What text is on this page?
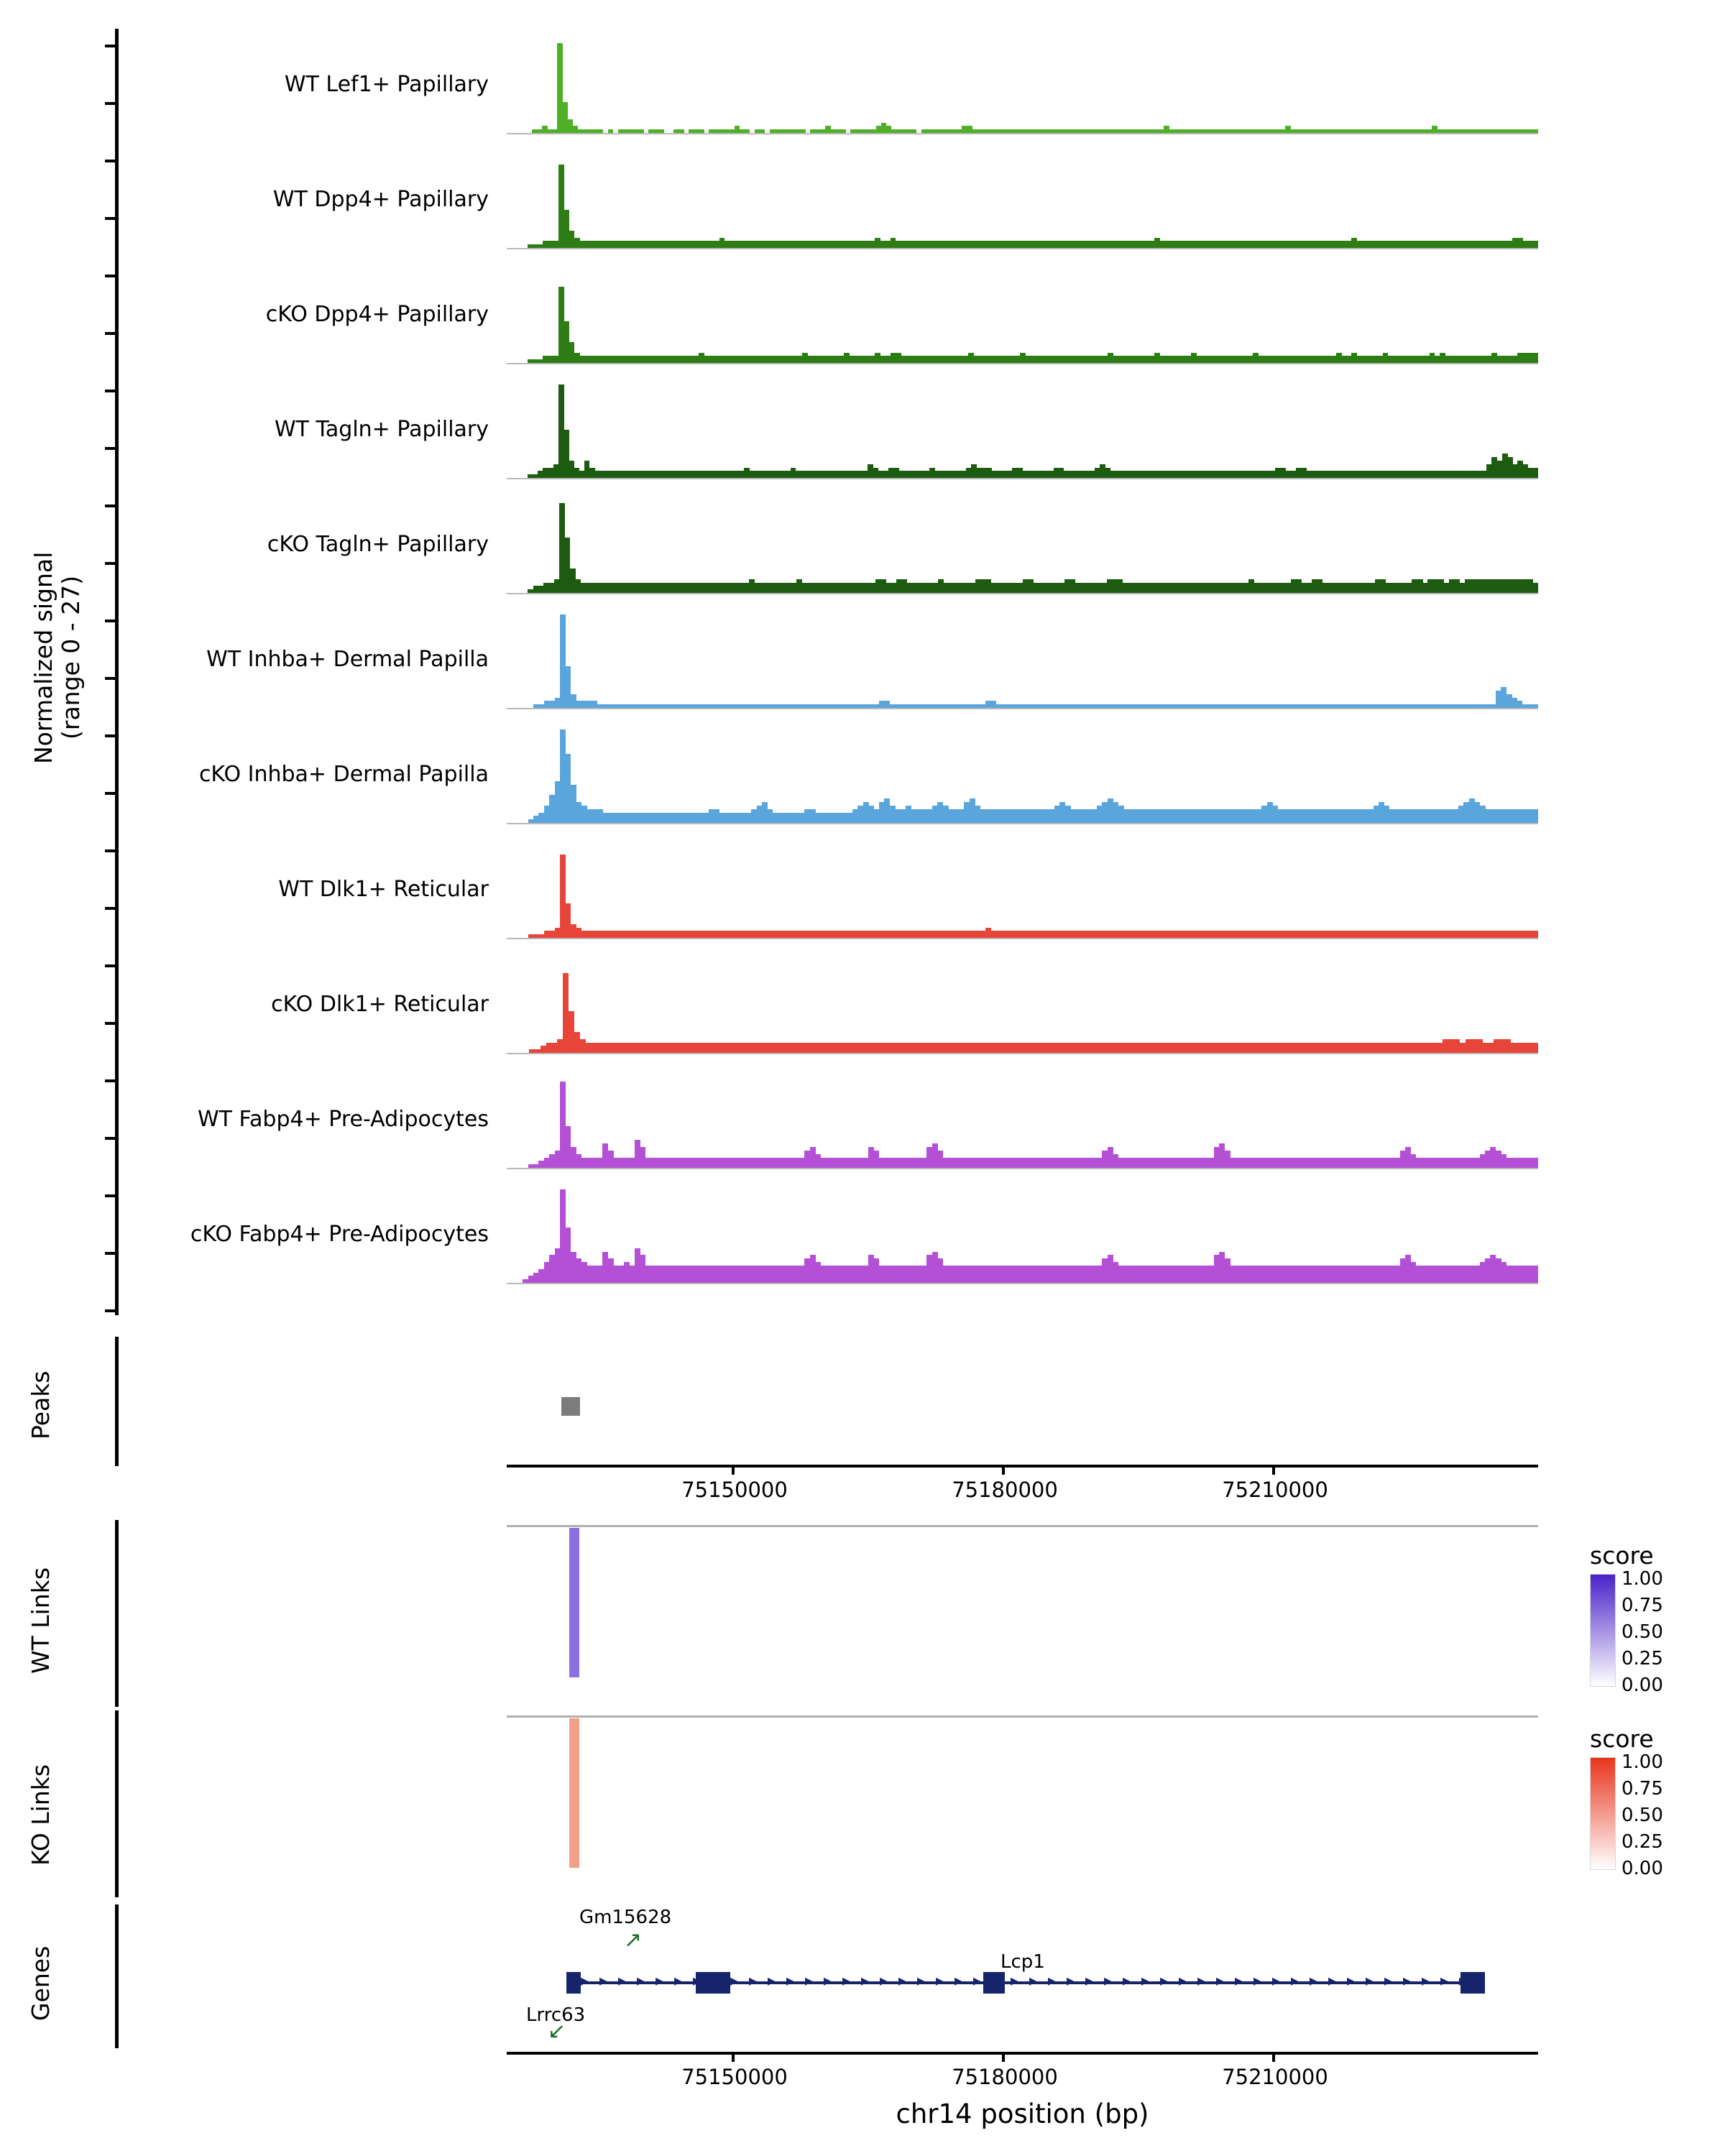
Normalized signal
(range 0 - 27)
WT Lef1+ Papillary
WT Dpp4+ Papillary
cKO Dpp4+ Papillary
WT Tagln+ Papillary
cKO Tagln+ Papillary
WT Inhba+ Dermal Papilla
cKO Inhba+ Dermal Papilla
WT Dlk1+ Reticular
cKO Dlk1+ Reticular
WT Fabp4+ Pre-Adipocytes
cKO Fabp4+ Pre-Adipocytes
Peaks
75150000	75180000	75210000
WT Links
score
1.00
0.75
0.50
0.25
0.00
KO Links
score
1.00
0.75
0.50
0.25
0.00
Genes
Gm15628
↗
▸ ▸ ▸ ▸ ▸ ▸ ▸ ▸ ▸ ▸ ▸ ▸ ▸ ▸ ▸ ▸ ▸ ▸ ▸ ▸ ▸ ▸ ▸ ▸ ▸ ▸ ▸ ▸ ▸ ▸ ▸ ▸ ▸ ▸ ▸ ▸ ▸ ▸ ▸ ▸ ▸ ▸ ▸ ▸ ▸ ▸ ▸ ▸
Lcp1
Lrrc63
↙
75150000	75180000	75210000
chr14 position (bp)
